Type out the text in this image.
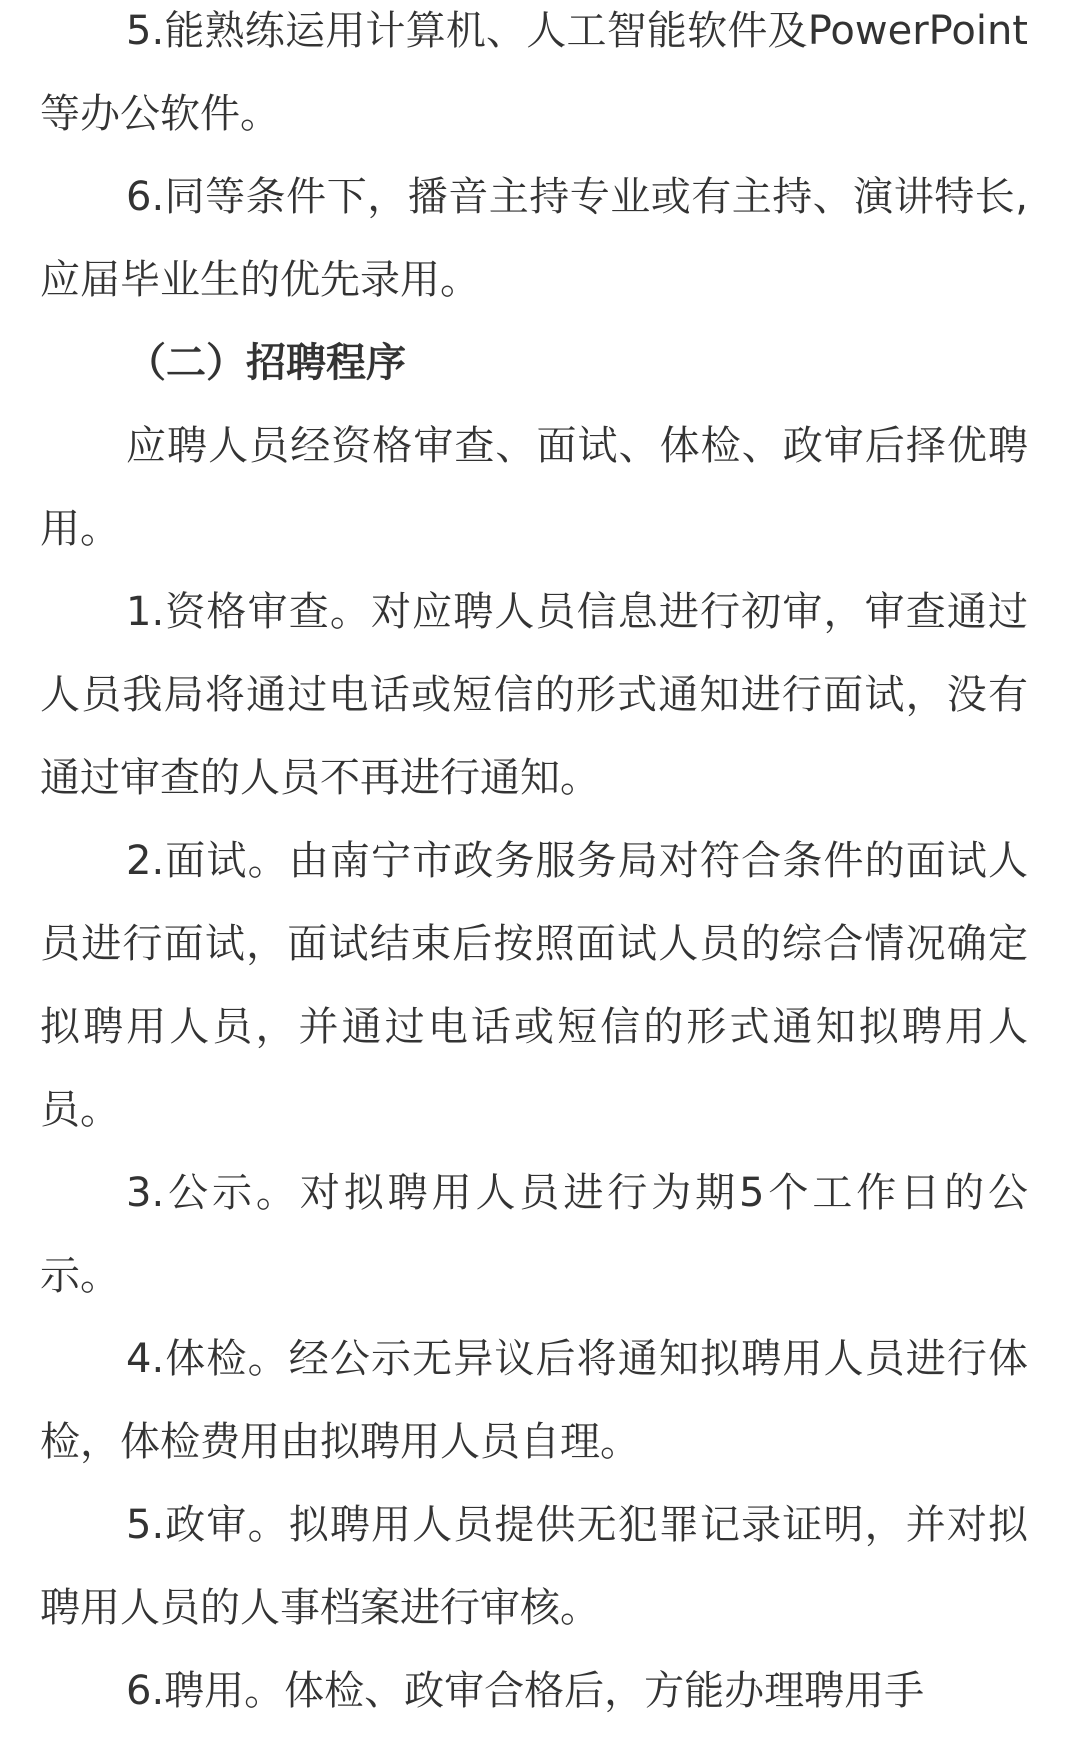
5.能熟练运用计算机、人工智能软件及PowerPoint等办公软件。

6.同等条件下，播音主持专业或有主持、演讲特长,应届毕业生的优先录用。

（二）招聘程序

应聘人员经资格审查、面试、体检、政审后择优聘用。

1.资格审查。对应聘人员信息进行初审，审查通过人员我局将通过电话或短信的形式通知进行面试，没有通过审查的人员不再进行通知。

2.面试。由南宁市政务服务局对符合条件的面试人员进行面试，面试结束后按照面试人员的综合情况确定拟聘用人员，并通过电话或短信的形式通知拟聘用人员。

3.公示。对拟聘用人员进行为期5个工作日的公示。

4.体检。经公示无异议后将通知拟聘用人员进行体检，体检费用由拟聘用人员自理。

5.政审。拟聘用人员提供无犯罪记录证明，并对拟聘用人员的人事档案进行审核。

6.聘用。体检、政审合格后，方能办理聘用手
